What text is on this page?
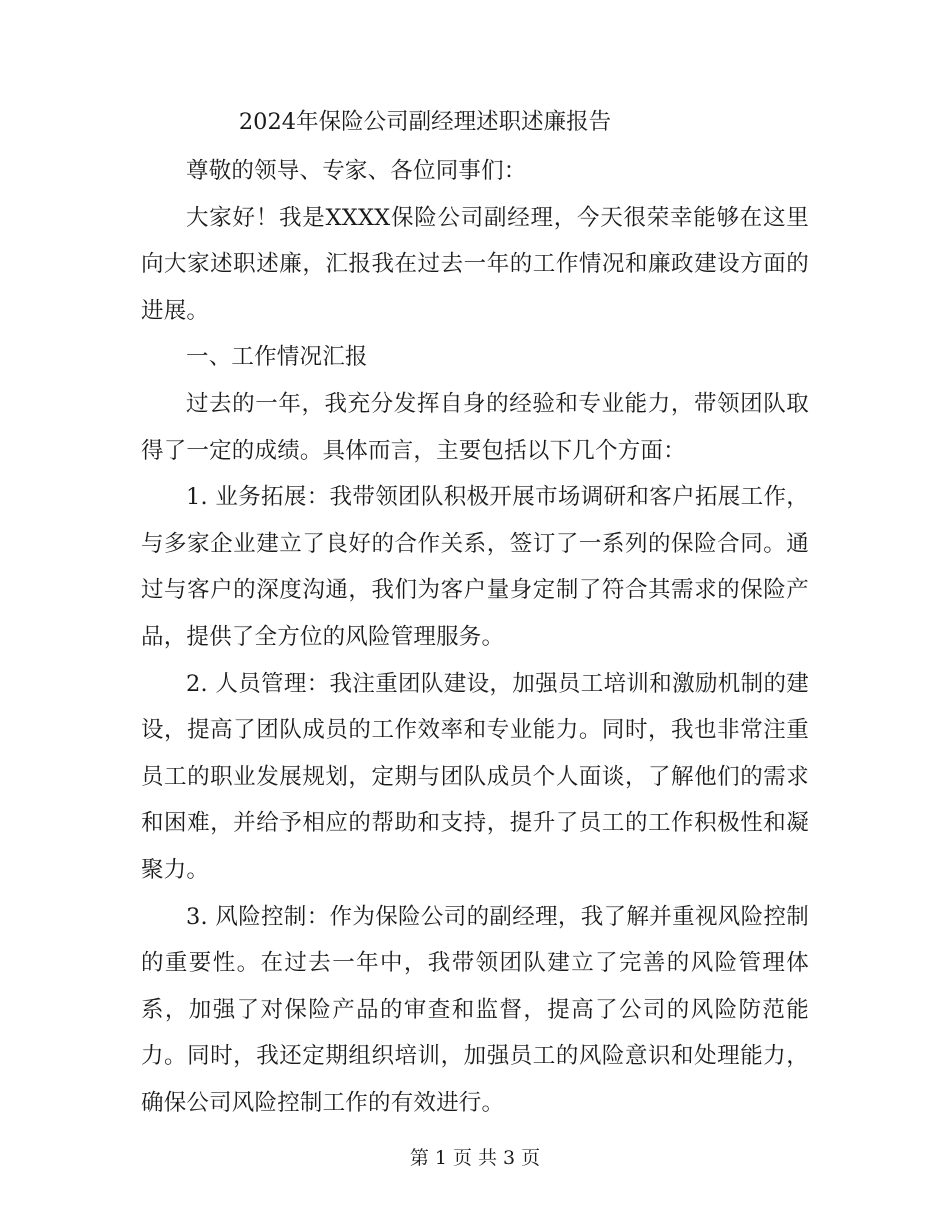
2024年保险公司副经理述职述廉报告

尊敬的领导、专家、各位同事们：

大家好！我是XXXX保险公司副经理，今天很荣幸能够在这里向大家述职述廉，汇报我在过去一年的工作情况和廉政建设方面的进展。

一、工作情况汇报

过去的一年，我充分发挥自身的经验和专业能力，带领团队取得了一定的成绩。具体而言，主要包括以下几个方面：

1. 业务拓展：我带领团队积极开展市场调研和客户拓展工作，与多家企业建立了良好的合作关系，签订了一系列的保险合同。通过与客户的深度沟通，我们为客户量身定制了符合其需求的保险产品，提供了全方位的风险管理服务。

2. 人员管理：我注重团队建设，加强员工培训和激励机制的建设，提高了团队成员的工作效率和专业能力。同时，我也非常注重员工的职业发展规划，定期与团队成员个人面谈，了解他们的需求和困难，并给予相应的帮助和支持，提升了员工的工作积极性和凝聚力。

3. 风险控制：作为保险公司的副经理，我了解并重视风险控制的重要性。在过去一年中，我带领团队建立了完善的风险管理体系，加强了对保险产品的审查和监督，提高了公司的风险防范能力。同时，我还定期组织培训，加强员工的风险意识和处理能力，确保公司风险控制工作的有效进行。

第 1 页 共 3 页
